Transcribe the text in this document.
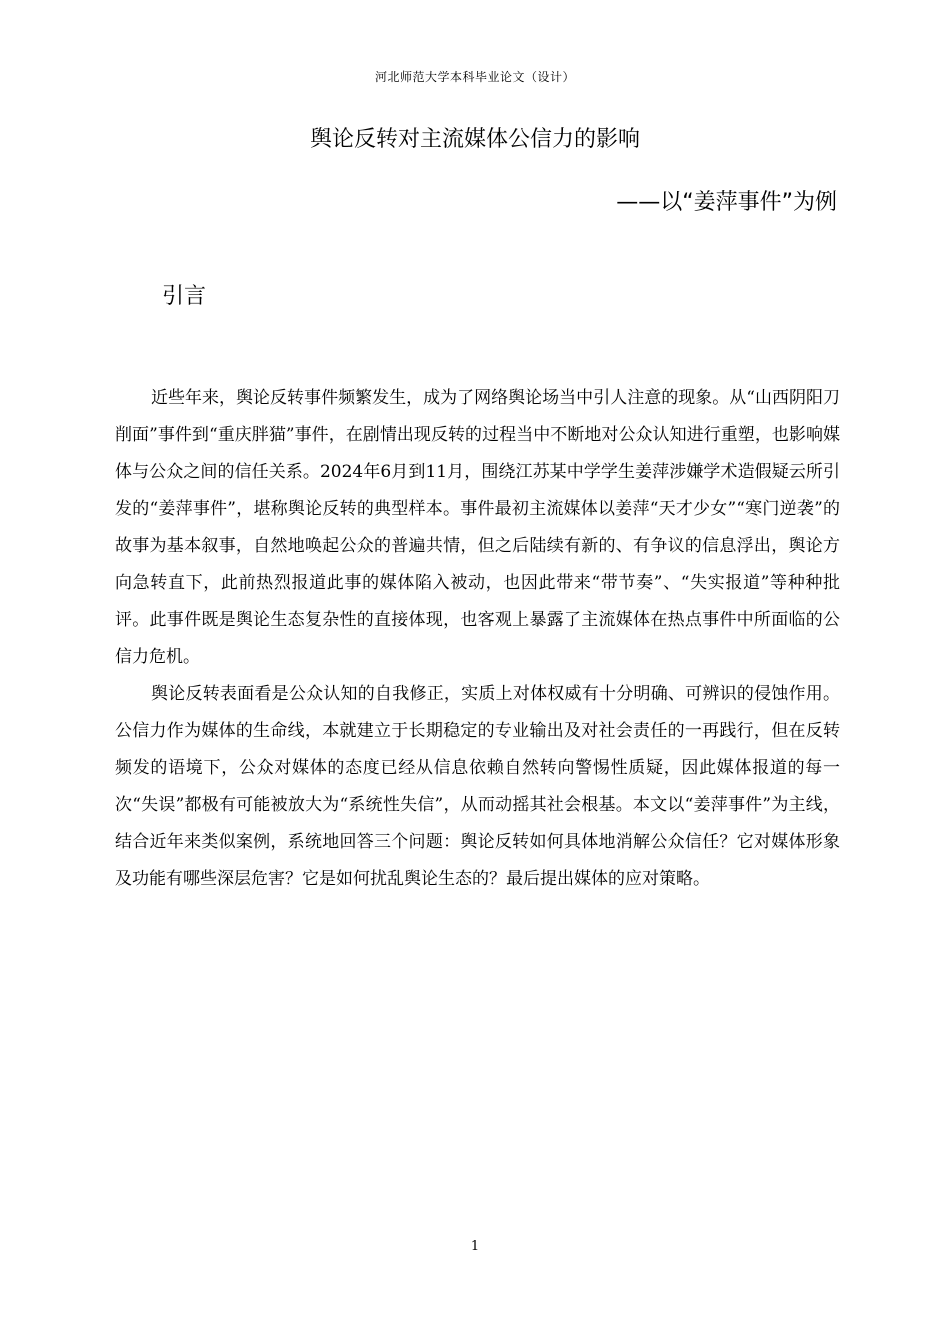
河北师范大学本科毕业论文（设计）
舆论反转对主流媒体公信力的影响
——以“姜萍事件”为例
引言

近些年来，舆论反转事件频繁发生，成为了网络舆论场当中引人注意的现象。从“山西阴阳刀削面”事件到“重庆胖猫”事件，在剧情出现反转的过程当中不断地对公众认知进行重塑，也影响媒体与公众之间的信任关系。2024年6月到11月，围绕江苏某中学学生姜萍涉嫌学术造假疑云所引发的“姜萍事件”，堪称舆论反转的典型样本。事件最初主流媒体以姜萍“天才少女”“寒门逆袭”的故事为基本叙事，自然地唤起公众的普遍共情，但之后陆续有新的、有争议的信息浮出，舆论方向急转直下，此前热烈报道此事的媒体陷入被动，也因此带来“带节奏”、“失实报道”等种种批评。此事件既是舆论生态复杂性的直接体现，也客观上暴露了主流媒体在热点事件中所面临的公信力危机。

舆论反转表面看是公众认知的自我修正，实质上对体权威有十分明确、可辨识的侵蚀作用。公信力作为媒体的生命线，本就建立于长期稳定的专业输出及对社会责任的一再践行，但在反转频发的语境下，公众对媒体的态度已经从信息依赖自然转向警惕性质疑，因此媒体报道的每一次“失误”都极有可能被放大为“系统性失信”，从而动摇其社会根基。本文以“姜萍事件”为主线，结合近年来类似案例，系统地回答三个问题：舆论反转如何具体地消解公众信任？它对媒体形象及功能有哪些深层危害？它是如何扰乱舆论生态的？最后提出媒体的应对策略。

1
